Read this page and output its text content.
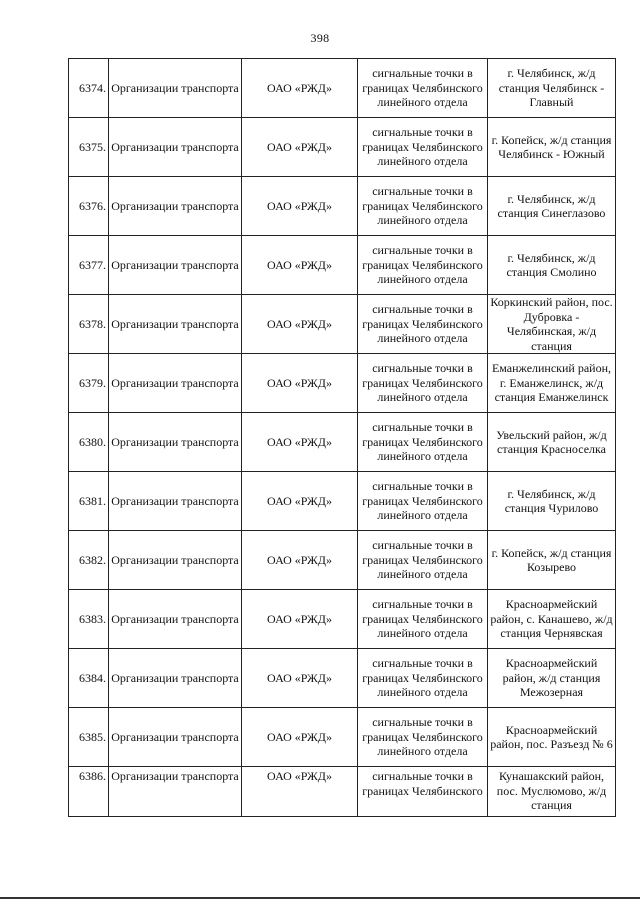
398
6374.	Организации транспорта	ОАО «РЖД»	сигнальные точки в границах Челябинского линейного отдела	г. Челябинск, ж/д станция Челябинск - Главный
6375.	Организации транспорта	ОАО «РЖД»	сигнальные точки в границах Челябинского линейного отдела	г. Копейск, ж/д станция Челябинск - Южный
6376.	Организации транспорта	ОАО «РЖД»	сигнальные точки в границах Челябинского линейного отдела	г. Челябинск, ж/д станция Синеглазово
6377.	Организации транспорта	ОАО «РЖД»	сигнальные точки в границах Челябинского линейного отдела	г. Челябинск, ж/д станция Смолино
6378.	Организации транспорта	ОАО «РЖД»	сигнальные точки в границах Челябинского линейного отдела	Коркинский район, пос. Дубровка - Челябинская, ж/д станция
6379.	Организации транспорта	ОАО «РЖД»	сигнальные точки в границах Челябинского линейного отдела	Еманжелинский район, г. Еманжелинск, ж/д станция Еманжелинск
6380.	Организации транспорта	ОАО «РЖД»	сигнальные точки в границах Челябинского линейного отдела	Увельский район, ж/д станция Красноселка
6381.	Организации транспорта	ОАО «РЖД»	сигнальные точки в границах Челябинского линейного отдела	г. Челябинск, ж/д станция Чурилово
6382.	Организации транспорта	ОАО «РЖД»	сигнальные точки в границах Челябинского линейного отдела	г. Копейск, ж/д станция Козырево
6383.	Организации транспорта	ОАО «РЖД»	сигнальные точки в границах Челябинского линейного отдела	Красноармейский район, с. Канашево, ж/д станция Чернявская
6384.	Организации транспорта	ОАО «РЖД»	сигнальные точки в границах Челябинского линейного отдела	Красноармейский район, ж/д станция Межозерная
6385.	Организации транспорта	ОАО «РЖД»	сигнальные точки в границах Челябинского линейного отдела	Красноармейский район, пос. Разъезд № 6
6386.	Организации транспорта	ОАО «РЖД»	сигнальные точки в границах Челябинского	Кунашакский район, пос. Муслюмово, ж/д станция
